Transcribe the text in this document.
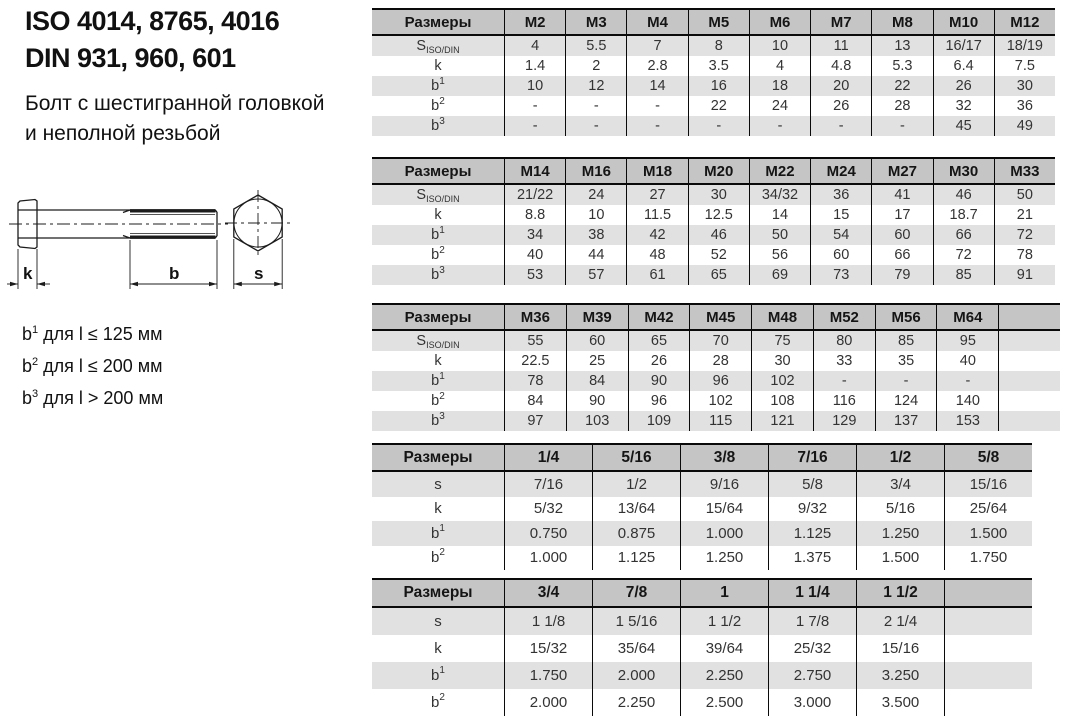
ISO 4014, 8765, 4016
DIN 931, 960, 601
Болт с шестигранной головкой
и неполной резьбой
k	b	s
$b^1$ для l ≤ 125 мм
$b^2$ для l ≤ 200 мм
$b^3$ для l > 200 мм
Размеры	M2	M3	M4	M5	M6	M7	M8	M10	M12
S ISO/DIN	4	5.5	7	8	10	11	13	16/17	18/19
k	1.4	2	2.8	3.5	4	4.8	5.3	6.4	7.5
b 1	10	12	14	16	18	20	22	26	30
b 2	-	-	-	22	24	26	28	32	36
b 3	-	-	-	-	-	-	-	45	49
Размеры	M14	M16	M18	M20	M22	M24	M27	M30	M33
S ISO/DIN	21/22	24	27	30	34/32	36	41	46	50
k	8.8	10	11.5	12.5	14	15	17	18.7	21
b 1	34	38	42	46	50	54	60	66	72
b 2	40	44	48	52	56	60	66	72	78
b 3	53	57	61	65	69	73	79	85	91
Размеры	M36	M39	M42	M45	M48	M52	M56	M64
S ISO/DIN	55	60	65	70	75	80	85	95
k	22.5	25	26	28	30	33	35	40
b 1	78	84	90	96	102	-	-	-
b 2	84	90	96	102	108	116	124	140
b 3	97	103	109	115	121	129	137	153
Размеры	1/4	5/16	3/8	7/16	1/2	5/8
s	7/16	1/2	9/16	5/8	3/4	15/16
k	5/32	13/64	15/64	9/32	5/16	25/64
b 1	0.750	0.875	1.000	1.125	1.250	1.500
b 2	1.000	1.125	1.250	1.375	1.500	1.750
Размеры	3/4	7/8	1	1 1/4	1 1/2
s	1 1/8	1 5/16	1 1/2	1 7/8	2 1/4
k	15/32	35/64	39/64	25/32	15/16
b 1	1.750	2.000	2.250	2.750	3.250
b 2	2.000	2.250	2.500	3.000	3.500
